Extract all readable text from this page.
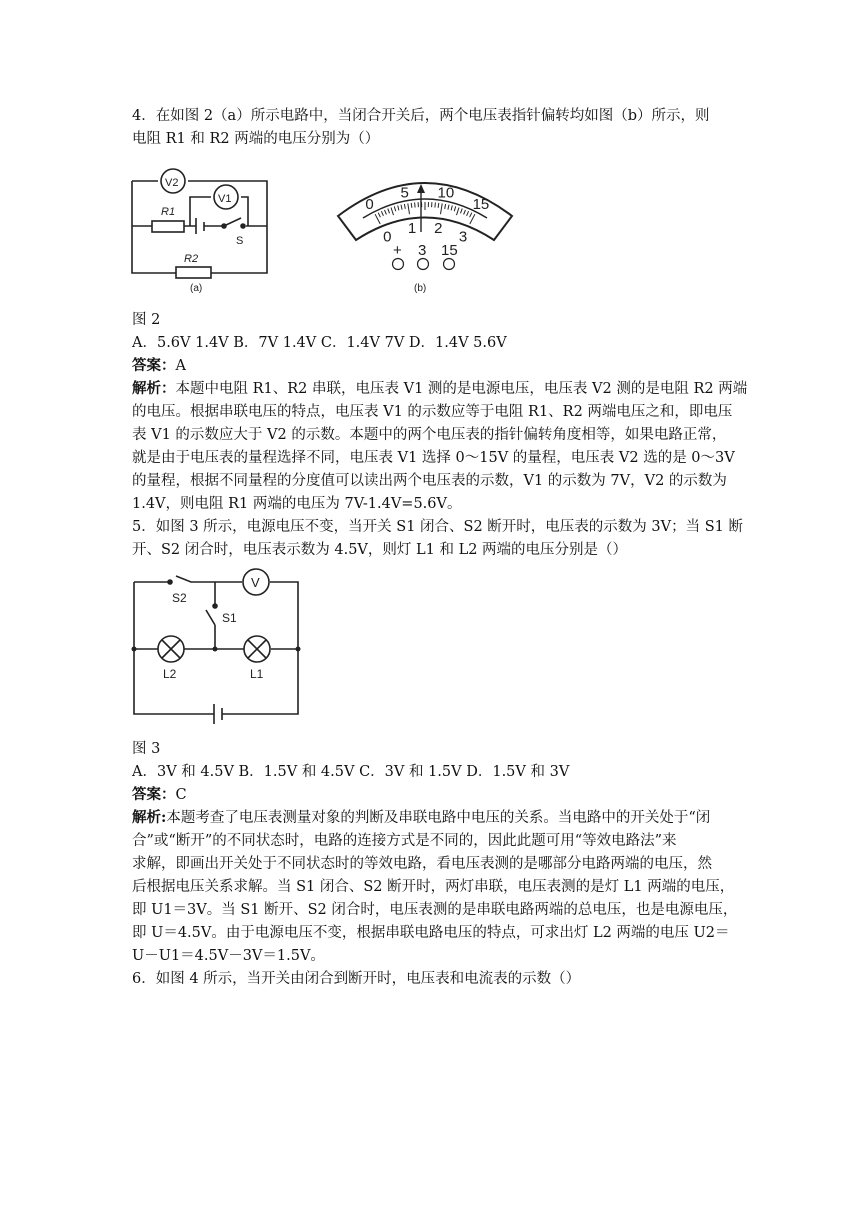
4．在如图 2（a）所示电路中，当闭合开关后，两个电压表指针偏转均如图（b）所示，则
电阻 R1 和 R2 两端的电压分别为（）
V2
V1
R1
S
R2
(a)
0
5 10
15
0 1 2 3
+ 3 15
(b)
图 2
A．5.6V 1.4V B．7V 1.4V C．1.4V 7V D．1.4V 5.6V
答案：A
解析：本题中电阻 R1、R2 串联，电压表 V1 测的是电源电压，电压表 V2 测的是电阻 R2 两端
的电压。根据串联电压的特点，电压表 V1 的示数应等于电阻 R1、R2 两端电压之和，即电压
表 V1 的示数应大于 V2 的示数。本题中的两个电压表的指针偏转角度相等，如果电路正常，
就是由于电压表的量程选择不同，电压表 V1 选择 0～15V 的量程，电压表 V2 选的是 0～3V
的量程，根据不同量程的分度值可以读出两个电压表的示数，V1 的示数为 7V，V2 的示数为
1.4V，则电阻 R1 两端的电压为 7V-1.4V=5.6V。
5．如图 3 所示，电源电压不变，当开关 S1 闭合、S2 断开时，电压表的示数为 3V；当 S1 断
开、S2 闭合时，电压表示数为 4.5V，则灯 L1 和 L2 两端的电压分别是（）
V
S2
S1
L2	L1
图 3
A．3V 和 4.5V B．1.5V 和 4.5V C．3V 和 1.5V D．1.5V 和 3V
答案：C
解析:本题考查了电压表测量对象的判断及串联电路中电压的关系。当电路中的开关处于“闭
合”或“断开”的不同状态时，电路的连接方式是不同的，因此此题可用“等效电路法”来
求解，即画出开关处于不同状态时的等效电路，看电压表测的是哪部分电路两端的电压，然
后根据电压关系求解。当 S1 闭合、S2 断开时，两灯串联，电压表测的是灯 L1 两端的电压，
即 U1＝3V。当 S1 断开、S2 闭合时，电压表测的是串联电路两端的总电压，也是电源电压，
即 U＝4.5V。由于电源电压不变，根据串联电路电压的特点，可求出灯 L2 两端的电压 U2＝
U－U1＝4.5V－3V＝1.5V。
6．如图 4 所示，当开关由闭合到断开时，电压表和电流表的示数（）
